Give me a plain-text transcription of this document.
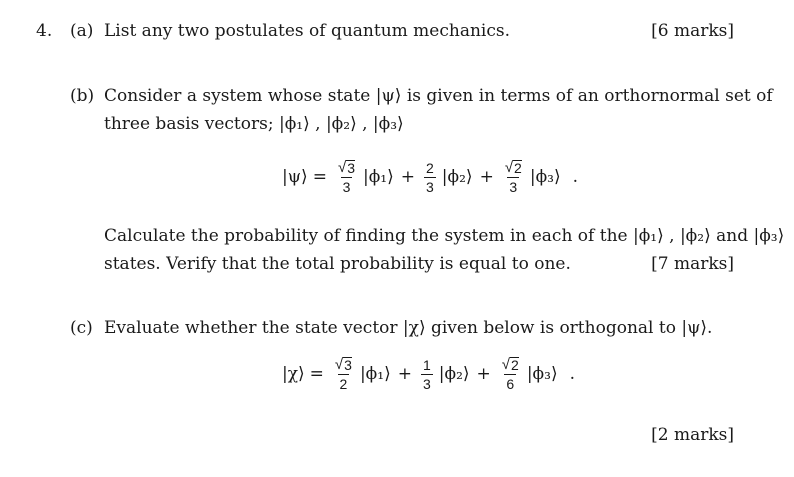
4. (a) List any two postulates of quantum mechanics.	[6 marks]
(b) Consider a system whose state |ψ⟩ is given in terms of an orthornormal set of
three basis vectors; |ϕ₁⟩ , |ϕ₂⟩ , |ϕ₃⟩
|ψ⟩ = $\frac{√ 3}{3}$ |ϕ₁⟩ + $\frac{2}{3}$ |ϕ₂⟩ + $\frac{√ 2}{3}$ |ϕ₃⟩ .
Calculate the probability of finding the system in each of the |ϕ₁⟩ , |ϕ₂⟩ and |ϕ₃⟩
states. Verify that the total probability is equal to one.	[7 marks]
(c) Evaluate whether the state vector |χ⟩ given below is orthogonal to |ψ⟩.
|χ⟩ = $\frac{√ 3}{2}$ |ϕ₁⟩ + $\frac{1}{3}$ |ϕ₂⟩ + $\frac{√ 2}{6}$ |ϕ₃⟩ .
[2 marks]
